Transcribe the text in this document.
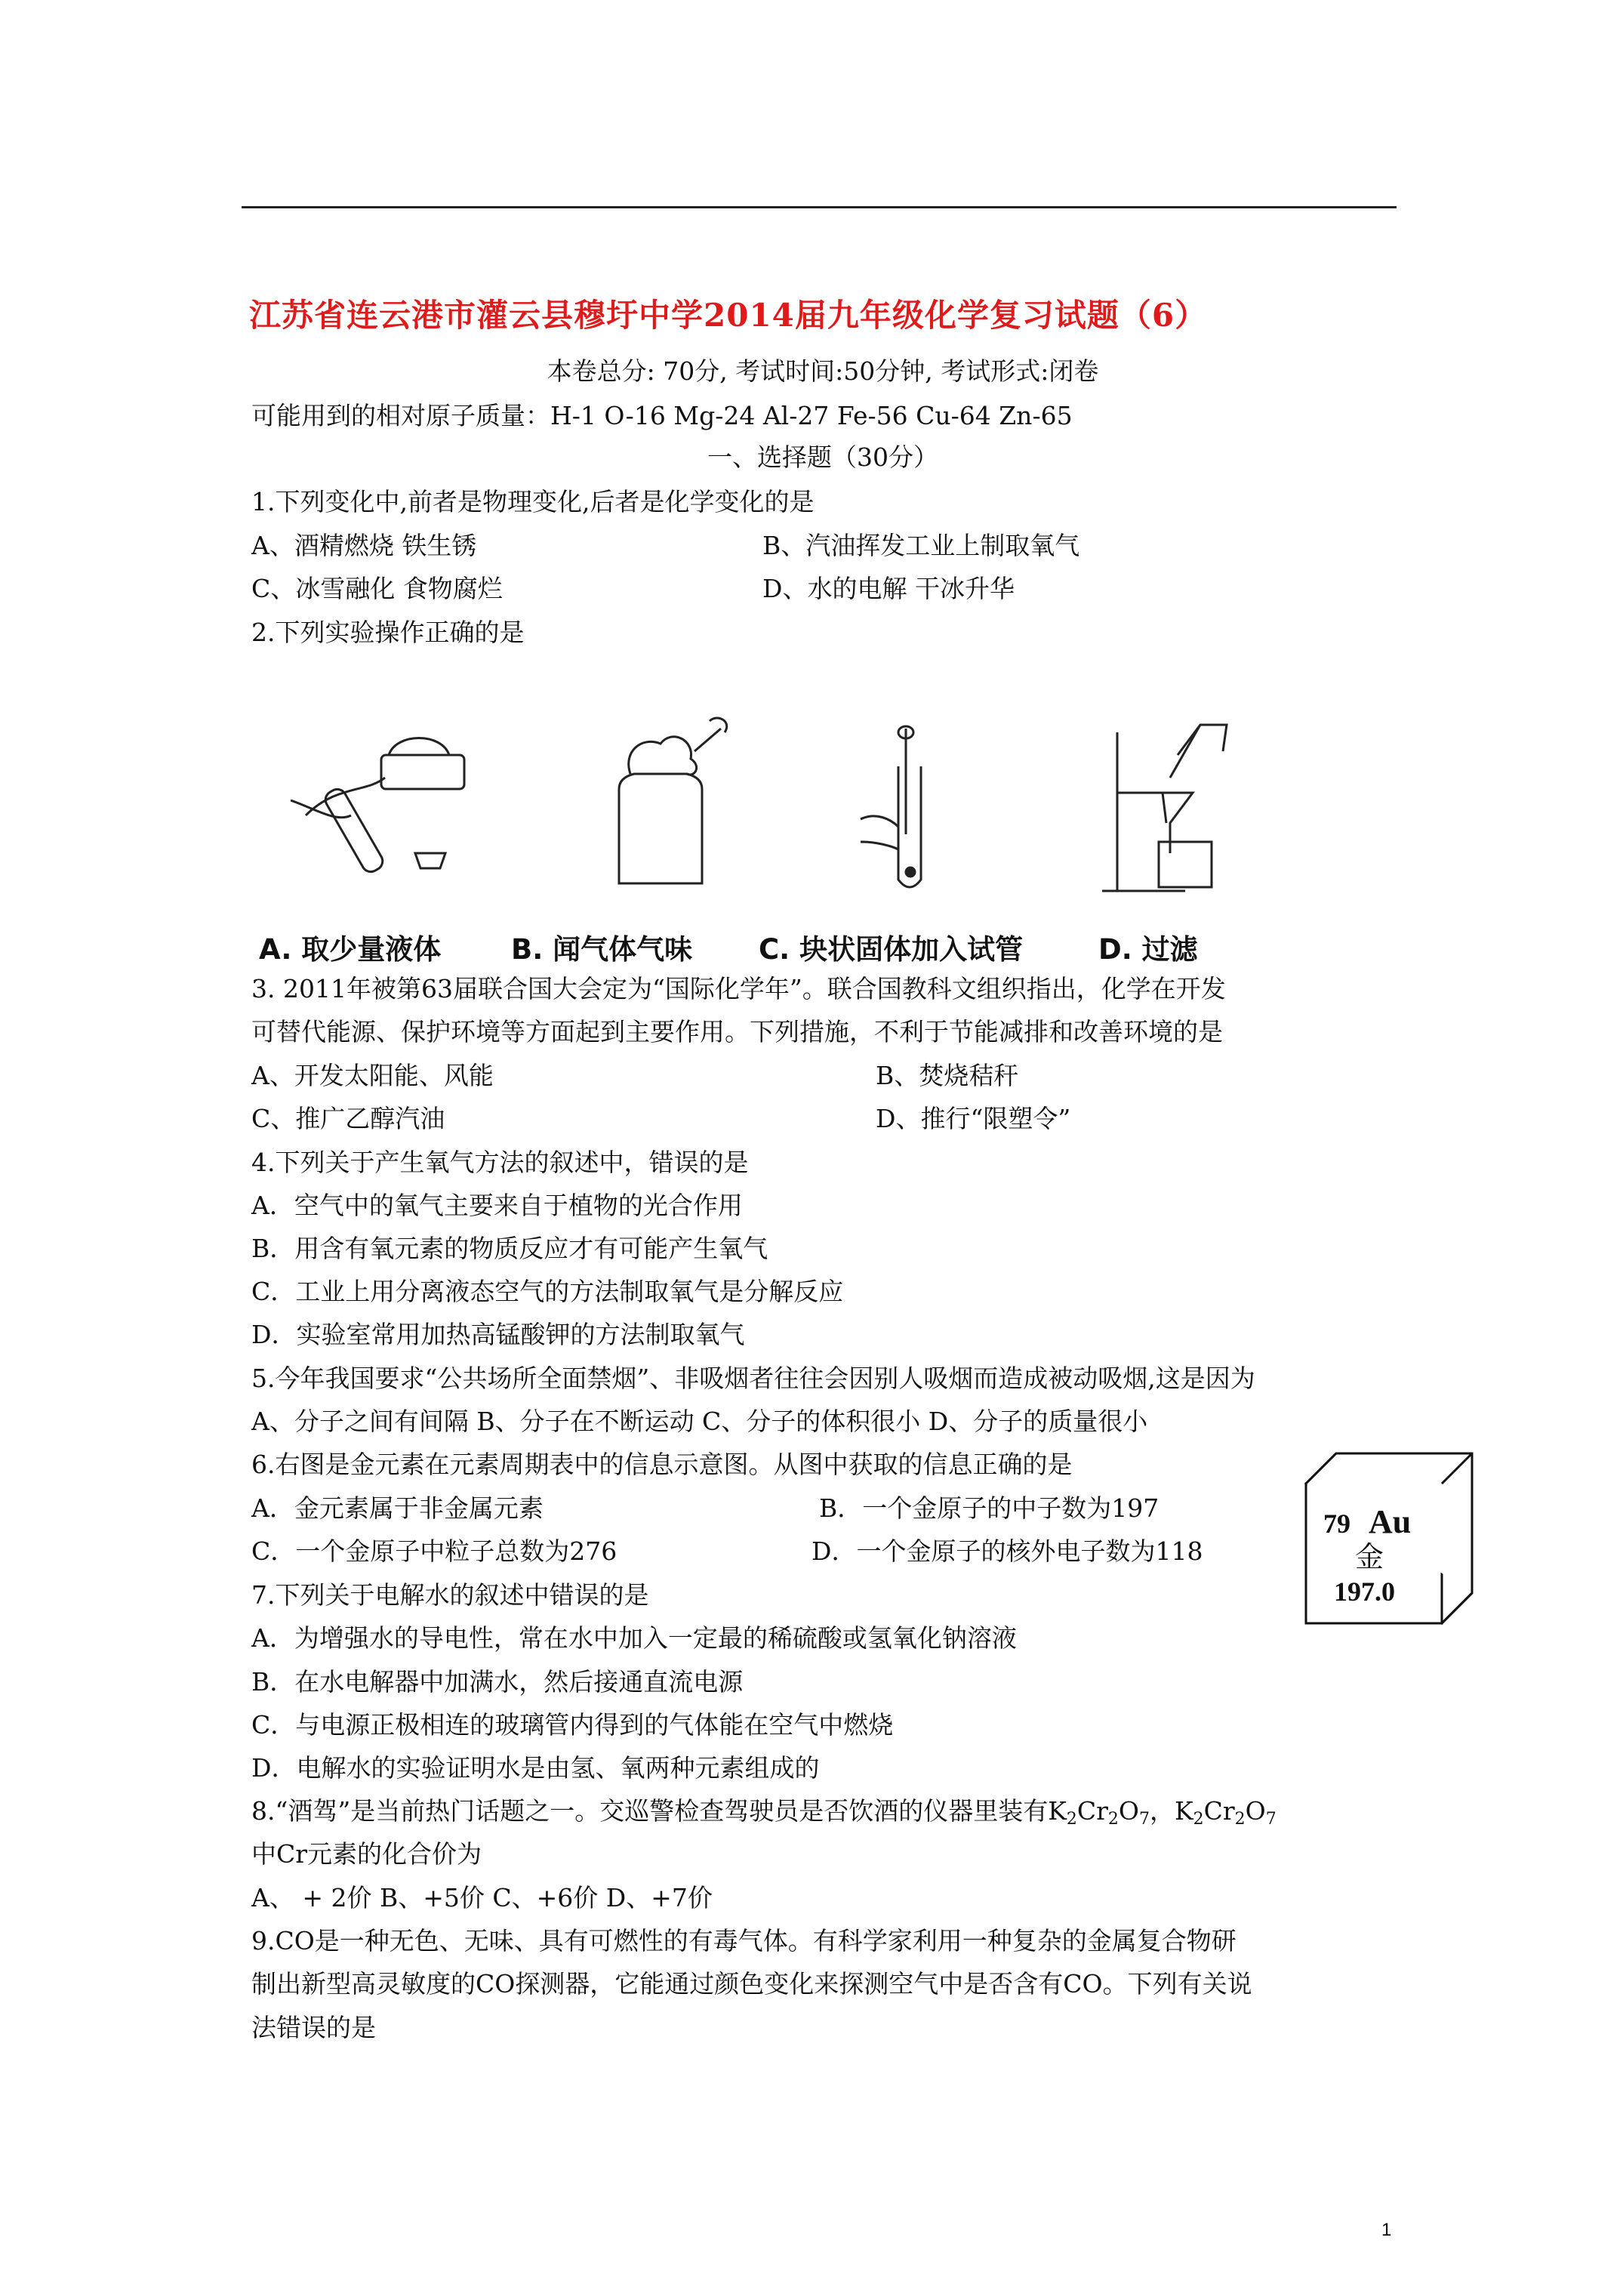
江苏省连云港市灌云县穆圩中学2014届九年级化学复习试题（6）
本卷总分: 70分, 考试时间:50分钟, 考试形式:闭卷
可能用到的相对原子质量：H-1 O-16 Mg-24 Al-27 Fe-56 Cu-64 Zn-65
一、选择题（30分）
1.下列变化中,前者是物理变化,后者是化学变化的是
A、酒精燃烧 铁生锈	B、汽油挥发工业上制取氧气
C、冰雪融化 食物腐烂	D、水的电解 干冰升华
2.下列实验操作正确的是
A. 取少量液体	B. 闻气体气味 C. 块状固体加入试管	D. 过滤
3. 2011年被第63届联合国大会定为“国际化学年”。联合国教科文组织指出，化学在开发
可替代能源、保护环境等方面起到主要作用。下列措施，不利于节能减排和改善环境的是
A、开发太阳能、风能	B、焚烧秸秆
C、推广乙醇汽油	D、推行“限塑令”
4.下列关于产生氧气方法的叙述中，错误的是
A．空气中的氧气主要来自于植物的光合作用
B．用含有氧元素的物质反应才有可能产生氧气
C．工业上用分离液态空气的方法制取氧气是分解反应
D．实验室常用加热高锰酸钾的方法制取氧气
5.今年我国要求“公共场所全面禁烟”、非吸烟者往往会因别人吸烟而造成被动吸烟,这是因为
A、分子之间有间隔 B、分子在不断运动 C、分子的体积很小 D、分子的质量很小
6.右图是金元素在元素周期表中的信息示意图。从图中获取的信息正确的是
A．金元素属于非金属元素	B．一个金原子的中子数为197
C．一个金原子中粒子总数为276	D．一个金原子的核外电子数为118
79 Au
金
197.0
7.下列关于电解水的叙述中错误的是
A．为增强水的导电性，常在水中加入一定最的稀硫酸或氢氧化钠溶液
B．在水电解器中加满水，然后接通直流电源
C．与电源正极相连的玻璃管内得到的气体能在空气中燃烧
D．电解水的实验证明水是由氢、氧两种元素组成的
8.“酒驾”是当前热门话题之一。交巡警检查驾驶员是否饮酒的仪器里装有$K_2Cr_2O_7$，$K_2Cr_2O_7$
中Cr元素的化合价为
A、 + 2价 B、+5价 C、+6价 D、+7价
9.CO是一种无色、无味、具有可燃性的有毒气体。有科学家利用一种复杂的金属复合物研
制出新型高灵敏度的CO探测器，它能通过颜色变化来探测空气中是否含有CO。下列有关说
法错误的是
1
